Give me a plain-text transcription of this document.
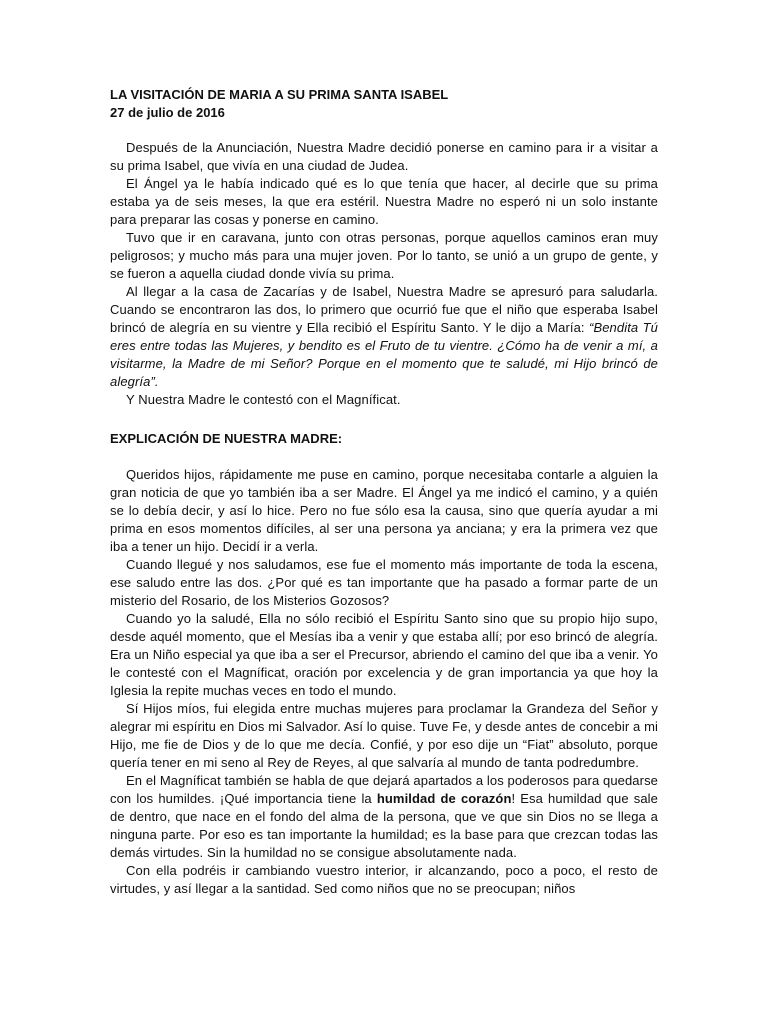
LA VISITACIÓN DE MARIA A SU PRIMA SANTA ISABEL

27 de julio de 2016

Después de la Anunciación, Nuestra Madre decidió ponerse en camino para ir a visitar a su prima Isabel, que vivía en una ciudad de Judea.

El Ángel ya le había indicado qué es lo que tenía que hacer, al decirle que su prima estaba ya de seis meses, la que era estéril. Nuestra Madre no esperó ni un solo instante para preparar las cosas y ponerse en camino.

Tuvo que ir en caravana, junto con otras personas, porque aquellos caminos eran muy peligrosos; y mucho más para una mujer joven. Por lo tanto, se unió a un grupo de gente, y se fueron a aquella ciudad donde vivía su prima.

Al llegar a la casa de Zacarías y de Isabel, Nuestra Madre se apresuró para saludarla. Cuando se encontraron las dos, lo primero que ocurrió fue que el niño que esperaba Isabel brincó de alegría en su vientre y Ella recibió el Espíritu Santo. Y le dijo a María: “Bendita Tú eres entre todas las Mujeres, y bendito es el Fruto de tu vientre. ¿Cómo ha de venir a mí, a visitarme, la Madre de mi Señor? Porque en el momento que te saludé, mi Hijo brincó de alegría”.

Y Nuestra Madre le contestó con el Magníficat.

EXPLICACIÓN DE NUESTRA MADRE:

Queridos hijos, rápidamente me puse en camino, porque necesitaba contarle a alguien la gran noticia de que yo también iba a ser Madre. El Ángel ya me indicó el camino, y a quién se lo debía decir, y así lo hice. Pero no fue sólo esa la causa, sino que quería ayudar a mi prima en esos momentos difíciles, al ser una persona ya anciana; y era la primera vez que iba a tener un hijo. Decidí ir a verla.

Cuando llegué y nos saludamos, ese fue el momento más importante de toda la escena, ese saludo entre las dos. ¿Por qué es tan importante que ha pasado a formar parte de un misterio del Rosario, de los Misterios Gozosos?

Cuando yo la saludé, Ella no sólo recibió el Espíritu Santo sino que su propio hijo supo, desde aquél momento, que el Mesías iba a venir y que estaba allí; por eso brincó de alegría. Era un Niño especial ya que iba a ser el Precursor, abriendo el camino del que iba a venir. Yo le contesté con el Magníficat, oración por excelencia y de gran importancia ya que hoy la Iglesia la repite muchas veces en todo el mundo.

Sí Hijos míos, fui elegida entre muchas mujeres para proclamar la Grandeza del Señor y alegrar mi espíritu en Dios mi Salvador. Así lo quise. Tuve Fe, y desde antes de concebir a mi Hijo, me fie de Dios y de lo que me decía. Confié, y por eso dije un “Fiat” absoluto, porque quería tener en mi seno al Rey de Reyes, al que salvaría al mundo de tanta podredumbre.

En el Magníficat también se habla de que dejará apartados a los poderosos para quedarse con los humildes. ¡Qué importancia tiene la humildad de corazón! Esa humildad que sale de dentro, que nace en el fondo del alma de la persona, que ve que sin Dios no se llega a ninguna parte. Por eso es tan importante la humildad; es la base para que crezcan todas las demás virtudes. Sin la humildad no se consigue absolutamente nada.

Con ella podréis ir cambiando vuestro interior, ir alcanzando, poco a poco, el resto de virtudes, y así llegar a la santidad. Sed como niños que no se preocupan; niños
